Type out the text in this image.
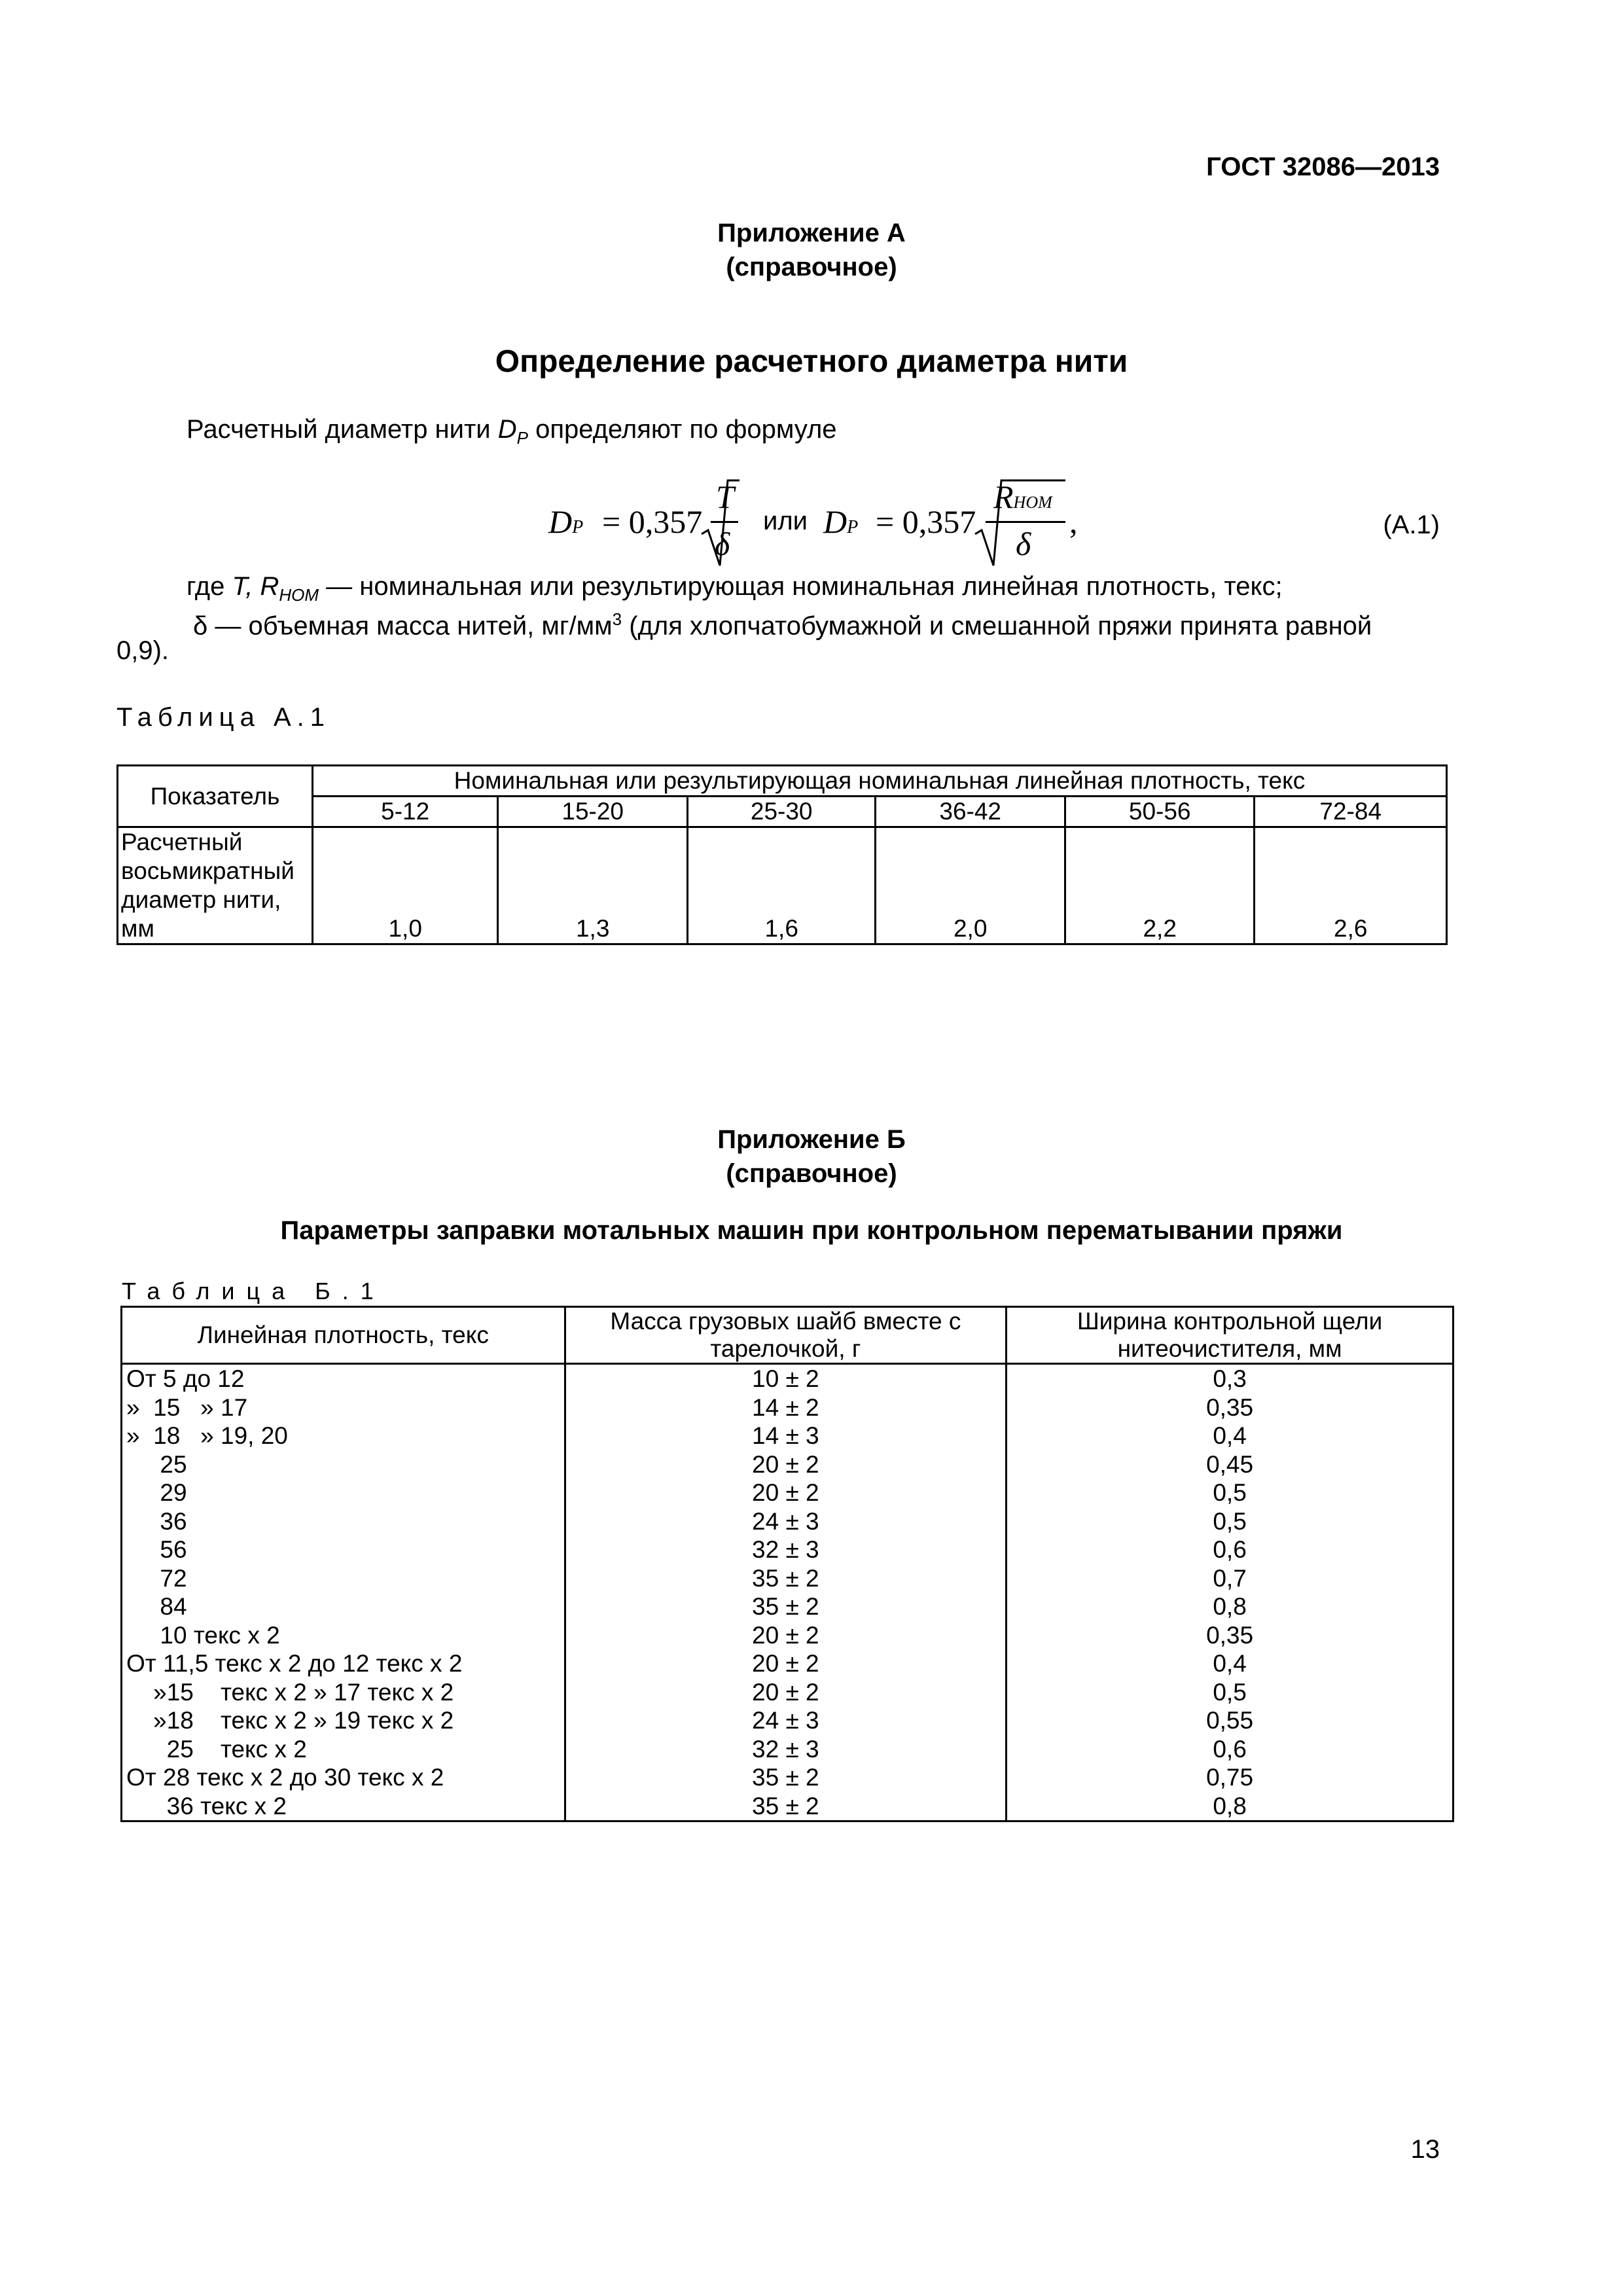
ГОСТ 32086—2013
Приложение А
(справочное)
Определение расчетного диаметра нити
Расчетный диаметр нити $D_P$ определяют по формуле
DP = 0,357
T
δ
или DP = 0,357
RНОМ
δ
,	(А.1)
где T, $R_{НОМ}$ — номинальная или результирующая номинальная линейная плотность, текс;
δ — объемная масса нитей, $мг/мм^3$ (для хлопчатобумажной и смешанной пряжи принята равной
0,9).
Таблица А.1
Показатель	Номинальная или результирующая номинальная линейная плотность, текс					
	5-12	15-20	25-30	36-42	50-56	72-84
Расчетный восьмикратный диаметр нити, мм	1,0	1,3	1,6	2,0	2,2	2,6
Приложение Б
(справочное)
Параметры заправки мотальных машин при контрольном перематывании пряжи
Таблица Б.1
Линейная плотность, текс	Масса грузовых шайб вместе с тарелочкой, г	Ширина контрольной щели нитеочистителя, мм
От 5 до 12	10 ± 2	0,3
»  15   » 17	14 ± 2	0,35
»  18   » 19, 20	14 ± 3	0,4
25	20 ± 2	0,45
29	20 ± 2	0,5
36	24 ± 3	0,5
56	32 ± 3	0,6
72	35 ± 2	0,7
84	35 ± 2	0,8
10 текс х 2	20 ± 2	0,35
От 11,5 текс х 2 до 12 текс х 2	20 ± 2	0,4
»15    текс х 2 » 17 текс х 2	20 ± 2	0,5
»18    текс х 2 » 19 текс х 2	24 ± 3	0,55
25    текс х 2	32 ± 3	0,6
От 28 текс х 2 до 30 текс х 2	35 ± 2	0,75
36 текс х 2	35 ± 2	0,8
13
